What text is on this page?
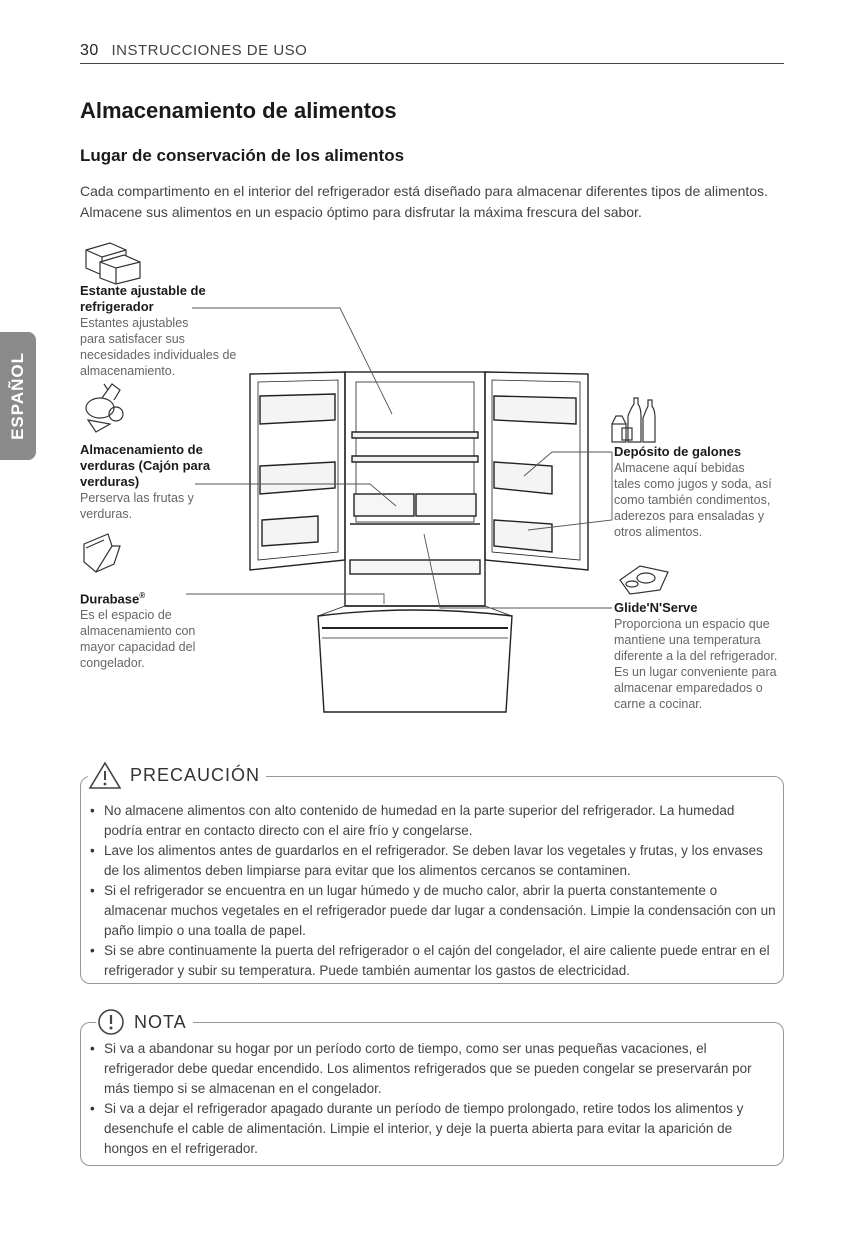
30 INSTRUCCIONES DE USO
Almacenamiento de alimentos
Lugar de conservación de los alimentos

Cada compartimento en el interior del refrigerador está diseñado para almacenar diferentes tipos de alimentos. Almacene sus alimentos en un espacio óptimo para disfrutar la máxima frescura del sabor.

ESPAÑOL
Estante ajustable de
refrigerador
Estantes ajustables
para satisfacer sus
necesidades individuales de
almacenamiento.
Almacenamiento de
verduras (Cajón para
verduras)
Perserva las frutas y
verduras.
Durabase®
Es el espacio de
almacenamiento con
mayor capacidad del
congelador.
Depósito de galones
Almacene aquí bebidas
tales como jugos y soda, así
como también condimentos,
aderezos para ensaladas y
otros alimentos.
Glide'N'Serve
Proporciona un espacio que
mantiene una temperatura
diferente a la del refrigerador.
Es un lugar conveniente para
almacenar emparedados o
carne a cocinar.
PRECAUCIÓN
• No almacene alimentos con alto contenido de humedad en la parte superior del refrigerador. La humedad podría entrar en contacto directo con el aire frío y congelarse.
• Lave los alimentos antes de guardarlos en el refrigerador. Se deben lavar los vegetales y frutas, y los envases de los alimentos deben limpiarse para evitar que los alimentos cercanos se contaminen.
• Si el refrigerador se encuentra en un lugar húmedo y de mucho calor, abrir la puerta constantemente o almacenar muchos vegetales en el refrigerador puede dar lugar a condensación. Limpie la condensación con un paño limpio o una toalla de papel.
• Si se abre continuamente la puerta del refrigerador o el cajón del congelador, el aire caliente puede entrar en el refrigerador y subir su temperatura. Puede también aumentar los gastos de electricidad.
NOTA
• Si va a abandonar su hogar por un período corto de tiempo, como ser unas pequeñas vacaciones, el refrigerador debe quedar encendido. Los alimentos refrigerados que se pueden congelar se preservarán por más tiempo si se almacenan en el congelador.
• Si va a dejar el refrigerador apagado durante un período de tiempo prolongado, retire todos los alimentos y desenchufe el cable de alimentación. Limpie el interior, y deje la puerta abierta para evitar la aparición de hongos en el refrigerador.
